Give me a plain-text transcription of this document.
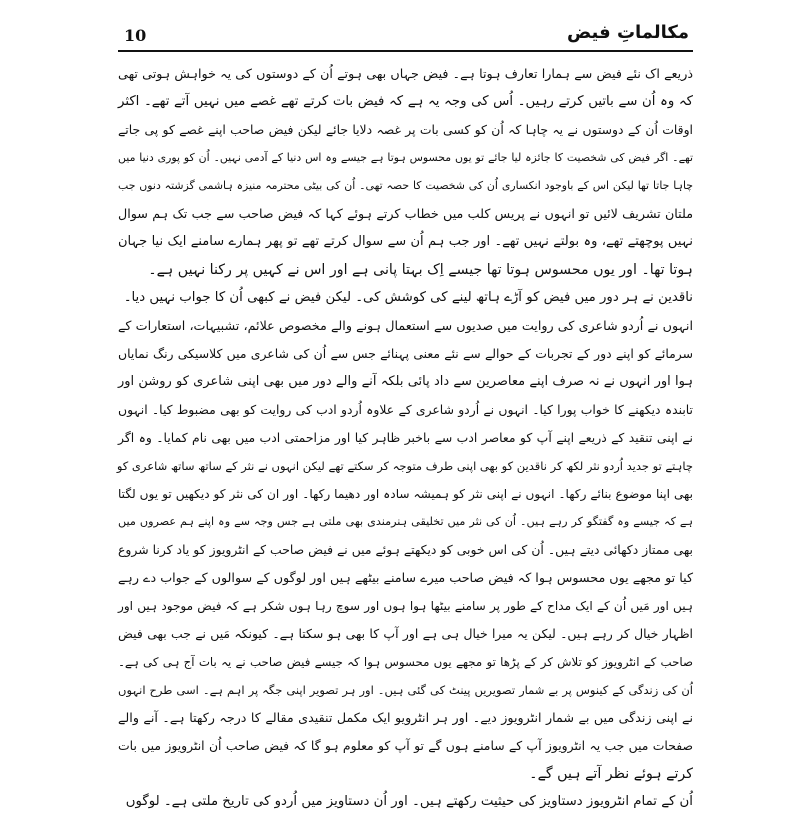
10	مکالماتِ فیض
ذریعے اک نئے فیض سے ہمارا تعارف ہوتا ہے۔ فیض جہاں بھی ہوتے اُن کے دوستوں کی یہ خواہش ہوتی تھی
کہ وہ اُن سے باتیں کرتے رہیں۔ اُس کی وجہ یہ ہے کہ فیض بات کرتے تھے غصے میں نہیں آتے تھے۔ اکثر
اوقات اُن کے دوستوں نے یہ چاہا کہ اُن کو کسی بات پر غصہ دلایا جائے لیکن فیض صاحب اپنے غصے کو پی جاتے
تھے۔ اگر فیض کی شخصیت کا جائزہ لیا جائے تو یوں محسوس ہوتا ہے جیسے وہ اس دنیا کے آدمی نہیں۔ اُن کو پوری دنیا میں
چاہا جاتا تھا لیکن اس کے باوجود انکساری اُن کی شخصیت کا حصہ تھی۔ اُن کی بیٹی محترمہ منیزہ ہاشمی گزشتہ دنوں جب
ملتان تشریف لائیں تو انہوں نے پریس کلب میں خطاب کرتے ہوئے کہا کہ فیض صاحب سے جب تک ہم سوال
نہیں پوچھتے تھے، وہ بولتے نہیں تھے۔ اور جب ہم اُن سے سوال کرتے تھے تو پھر ہمارے سامنے ایک نیا جہان
ہوتا تھا۔ اور یوں محسوس ہوتا تھا جیسے اِک بہتا پانی ہے اور اس نے کہیں پر رکنا نہیں ہے۔
ناقدین نے ہر دور میں فیض کو آڑے ہاتھ لینے کی کوشش کی۔ لیکن فیض نے کبھی اُن کا جواب نہیں دیا۔
انہوں نے اُردو شاعری کی روایت میں صدیوں سے استعمال ہونے والے مخصوص علائم، تشبیہات، استعارات کے
سرمائے کو اپنے دور کے تجربات کے حوالے سے نئے معنی پہنائے جس سے اُن کی شاعری میں کلاسیکی رنگ نمایاں
ہوا اور انہوں نے نہ صرف اپنے معاصرین سے داد پائی بلکہ آنے والے دور میں بھی اپنی شاعری کو روشن اور
تابندہ دیکھنے کا خواب پورا کیا۔ انہوں نے اُردو شاعری کے علاوہ اُردو ادب کی روایت کو بھی مضبوط کیا۔ انہوں
نے اپنی تنقید کے ذریعے اپنے آپ کو معاصر ادب سے باخبر ظاہر کیا اور مزاحمتی ادب میں بھی نام کمایا۔ وہ اگر
چاہتے تو جدید اُردو نثر لکھ کر ناقدین کو بھی اپنی طرف متوجہ کر سکتے تھے لیکن انہوں نے نثر کے ساتھ ساتھ شاعری کو
بھی اپنا موضوع بنائے رکھا۔ انہوں نے اپنی نثر کو ہمیشہ سادہ اور دھیما رکھا۔ اور ان کی نثر کو دیکھیں تو یوں لگتا
ہے کہ جیسے وہ گفتگو کر رہے ہیں۔ اُن کی نثر میں تخلیقی ہنرمندی بھی ملتی ہے جس وجہ سے وہ اپنے ہم عصروں میں
بھی ممتاز دکھائی دیتے ہیں۔ اُن کی اس خوبی کو دیکھتے ہوئے میں نے فیض صاحب کے انٹرویوز کو یاد کرنا شروع
کیا تو مجھے یوں محسوس ہوا کہ فیض صاحب میرے سامنے بیٹھے ہیں اور لوگوں کے سوالوں کے جواب دے رہے
ہیں اور مَیں اُن کے ایک مداح کے طور پر سامنے بیٹھا ہوا ہوں اور سوچ رہا ہوں شکر ہے کہ فیض موجود ہیں اور
اظہار خیال کر رہے ہیں۔ لیکن یہ میرا خیال ہی ہے اور آپ کا بھی ہو سکتا ہے۔ کیونکہ مَیں نے جب بھی فیض
صاحب کے انٹرویوز کو تلاش کر کے پڑھا تو مجھے یوں محسوس ہوا کہ جیسے فیض صاحب نے یہ بات آج ہی کی ہے۔
اُن کی زندگی کے کینوس پر بے شمار تصویریں پینٹ کی گئی ہیں۔ اور ہر تصویر اپنی جگہ پر اہم ہے۔ اسی طرح انہوں
نے اپنی زندگی میں بے شمار انٹرویوز دیے۔ اور ہر انٹرویو ایک مکمل تنقیدی مقالے کا درجہ رکھتا ہے۔ آنے والے
صفحات میں جب یہ انٹرویوز آپ کے سامنے ہوں گے تو آپ کو معلوم ہو گا کہ فیض صاحب اُن انٹرویوز میں بات
کرتے ہوئے نظر آتے ہیں گے۔
اُن کے تمام انٹرویوز دستاویز کی حیثیت رکھتے ہیں۔ اور اُن دستاویز میں اُردو کی تاریخ ملتی ہے۔ لوگوں
